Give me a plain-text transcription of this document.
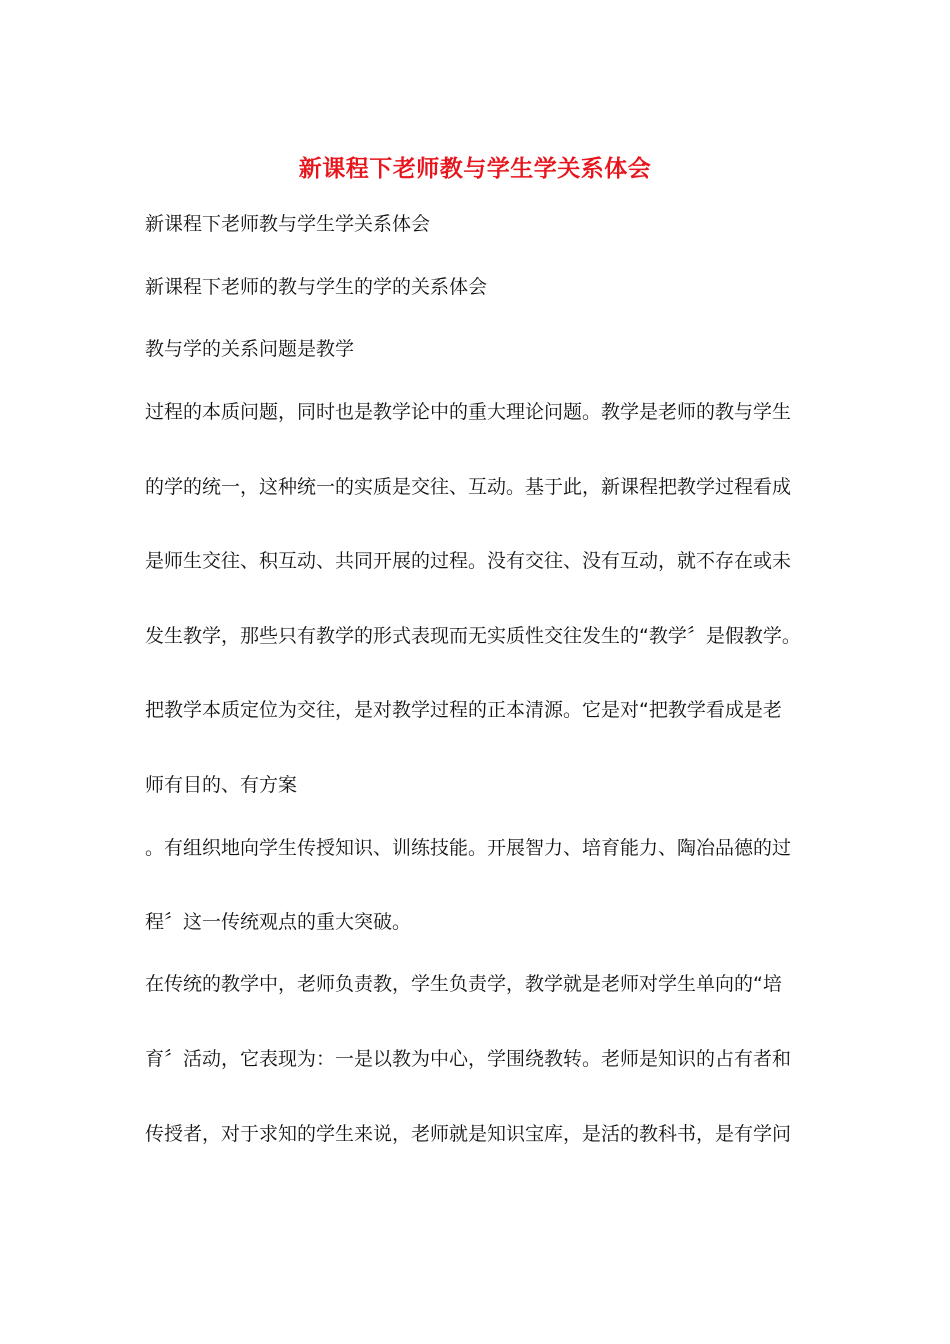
新课程下老师教与学生学关系体会
新课程下老师教与学生学关系体会
新课程下老师的教与学生的学的关系体会
教与学的关系问题是教学
过程的本质问题，同时也是教学论中的重大理论问题。教学是老师的教与学生
的学的统一，这种统一的实质是交往、互动。基于此，新课程把教学过程看成
是师生交往、积互动、共同开展的过程。没有交往、没有互动，就不存在或未
发生教学，那些只有教学的形式表现而无实质性交往发生的“教学〞是假教学。
把教学本质定位为交往，是对教学过程的正本清源。它是对“把教学看成是老
师有目的、有方案
。有组织地向学生传授知识、训练技能。开展智力、培育能力、陶冶品德的过
程〞这一传统观点的重大突破。
在传统的教学中，老师负责教，学生负责学，教学就是老师对学生单向的“培
育〞活动，它表现为：一是以教为中心，学围绕教转。老师是知识的占有者和
传授者，对于求知的学生来说，老师就是知识宝库，是活的教科书，是有学问
